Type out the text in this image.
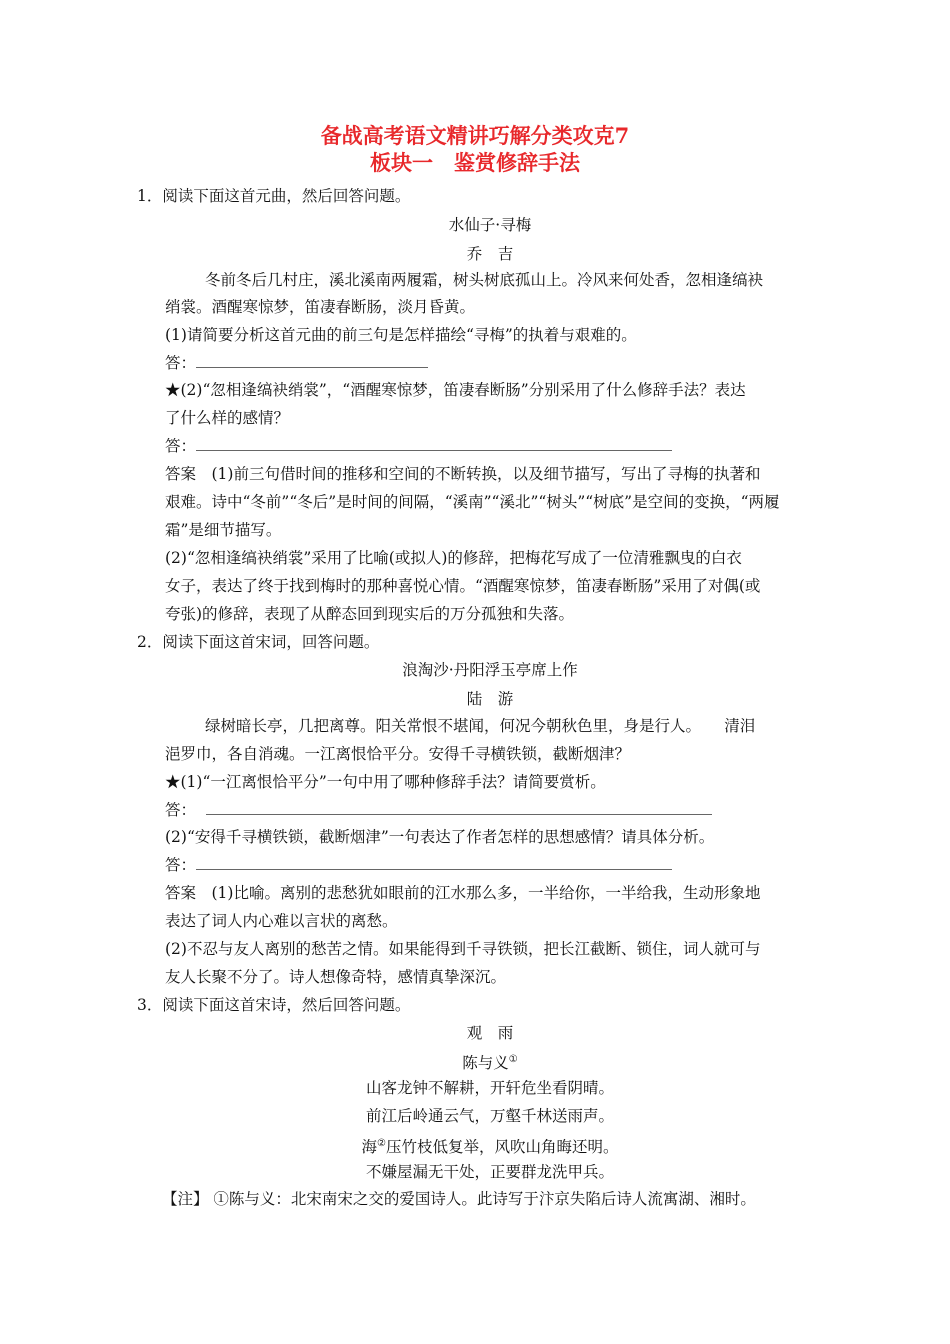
备战高考语文精讲巧解分类攻克7
板块一　鉴赏修辞手法
1．阅读下面这首元曲，然后回答问题。
水仙子·寻梅
乔　吉
冬前冬后几村庄，溪北溪南两履霜，树头树底孤山上。冷风来何处香，忽相逢缟袂
绡裳。酒醒寒惊梦，笛凄春断肠，淡月昏黄。
(1)请简要分析这首元曲的前三句是怎样描绘“寻梅”的执着与艰难的。
答：
★(2)“忽相逢缟袂绡裳”，“酒醒寒惊梦，笛凄春断肠”分别采用了什么修辞手法？表达
了什么样的感情？
答：
答案　(1)前三句借时间的推移和空间的不断转换，以及细节描写，写出了寻梅的执著和
艰难。诗中“冬前”“冬后”是时间的间隔，“溪南”“溪北”“树头”“树底”是空间的变换，“两履
霜”是细节描写。
(2)“忽相逢缟袂绡裳”采用了比喻(或拟人)的修辞，把梅花写成了一位清雅飘曳的白衣
女子，表达了终于找到梅时的那种喜悦心情。“酒醒寒惊梦，笛凄春断肠”采用了对偶(或
夸张)的修辞，表现了从醉态回到现实后的万分孤独和失落。
2．阅读下面这首宋词，回答问题。
浪淘沙·丹阳浮玉亭席上作
陆　游
绿树暗长亭，几把离尊。阳关常恨不堪闻，何况今朝秋色里，身是行人。　　清泪
浥罗巾，各自消魂。一江离恨恰平分。安得千寻横铁锁，截断烟津？
★(1)“一江离恨恰平分”一句中用了哪种修辞手法？请简要赏析。
答：
(2)“安得千寻横铁锁，截断烟津”一句表达了作者怎样的思想感情？请具体分析。
答：
答案　(1)比喻。离别的悲愁犹如眼前的江水那么多，一半给你，一半给我，生动形象地
表达了词人内心难以言状的离愁。
(2)不忍与友人离别的愁苦之情。如果能得到千寻铁锁，把长江截断、锁住，词人就可与
友人长聚不分了。诗人想像奇特，感情真挚深沉。
3．阅读下面这首宋诗，然后回答问题。
观　雨
陈与义①
山客龙钟不解耕，开轩危坐看阴晴。
前江后岭通云气，万壑千林送雨声。
海②压竹枝低复举，风吹山角晦还明。
不嫌屋漏无干处，正要群龙洗甲兵。
【注】 ①陈与义：北宋南宋之交的爱国诗人。此诗写于汴京失陷后诗人流寓湖、湘时。
